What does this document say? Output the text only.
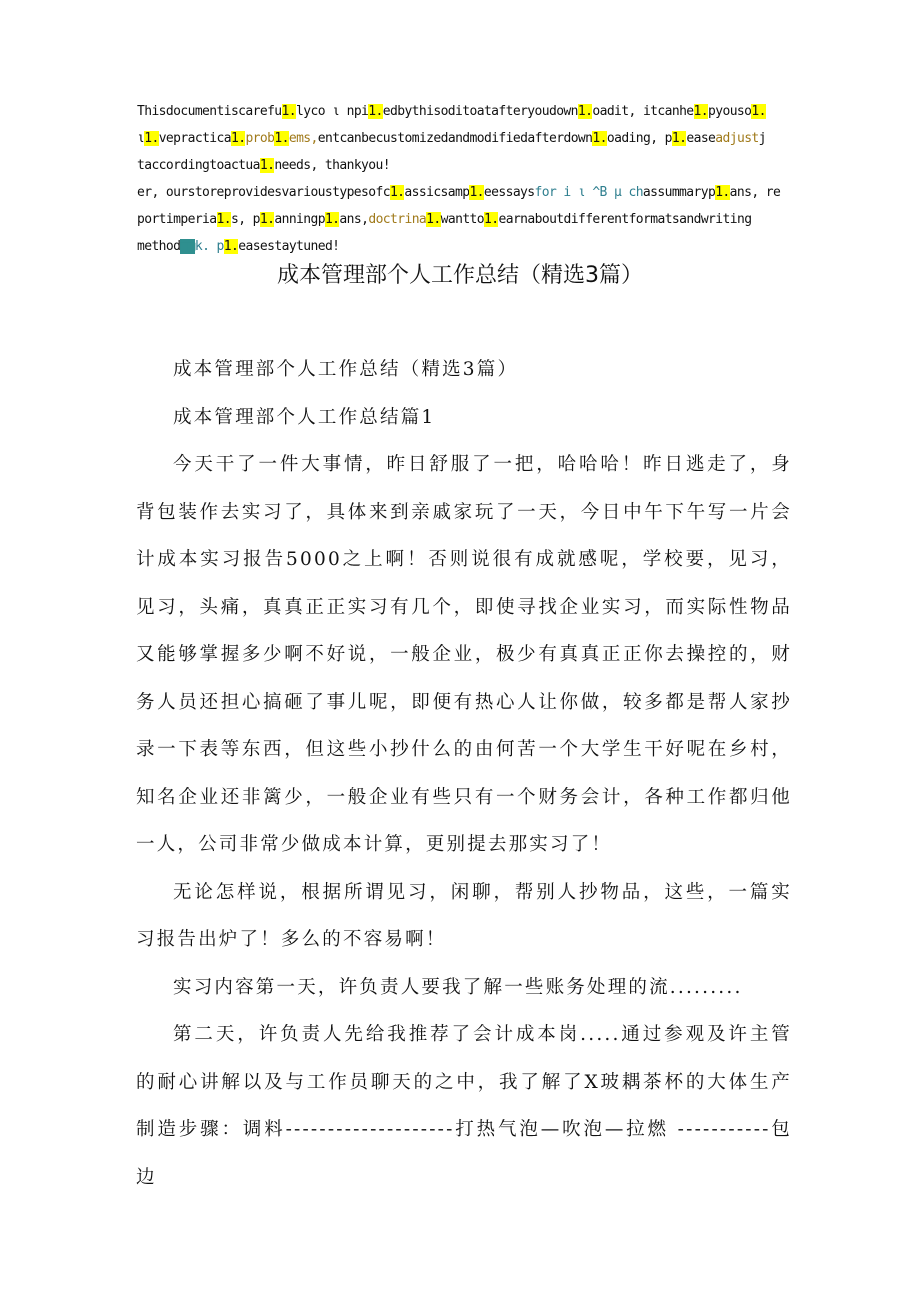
Thisdocumentiscarefu1.lyco ι npi1.edbythisoditoatafteryoudown1.oadit, itcanhe1.pyouso1.

ι1.vepractica1.prob1.ems,entcanbecustomizedandmodifiedafterdown1.oading, p1.easeadjustj

taccordingtoactua1.needs, thankyou!

er, ourstoreprovidesvarioustypesofc1.assicsamp1.eessaysfor i ι ^B μ chassummaryp1.ans, re

portimperia1.s, p1.anningp1.ans,doctrina1.wantto1.earnaboutdifferentformatsandwriting

method■■k. p1.easestaytuned!

成本管理部个人工作总结（精选3篇）

成本管理部个人工作总结（精选3篇）

成本管理部个人工作总结篇1

今天干了一件大事情，昨日舒服了一把，哈哈哈！昨日逃走了，身背包装作去实习了，具体来到亲戚家玩了一天，今日中午下午写一片会计成本实习报告5000之上啊！否则说很有成就感呢，学校要，见习，见习，头痛，真真正正实习有几个，即使寻找企业实习，而实际性物品又能够掌握多少啊不好说，一般企业，极少有真真正正你去操控的，财务人员还担心搞砸了事儿呢，即便有热心人让你做，较多都是帮人家抄录一下表等东西，但这些小抄什么的由何苦一个大学生干好呢在乡村，知名企业还非篱少，一般企业有些只有一个财务会计，各种工作都归他一人，公司非常少做成本计算，更别提去那实习了！

无论怎样说，根据所谓见习，闲聊，帮别人抄物品，这些，一篇实习报告出炉了！多么的不容易啊！

实习内容第一天，许负责人要我了解一些账务处理的流.........

第二天，许负责人先给我推荐了会计成本岗.....通过参观及许主管的耐心讲解以及与工作员聊天的之中，我了解了X玻耦茶杯的大体生产制造步骤：调料--------------------打热气泡—吹泡—拉燃 -----------包边
